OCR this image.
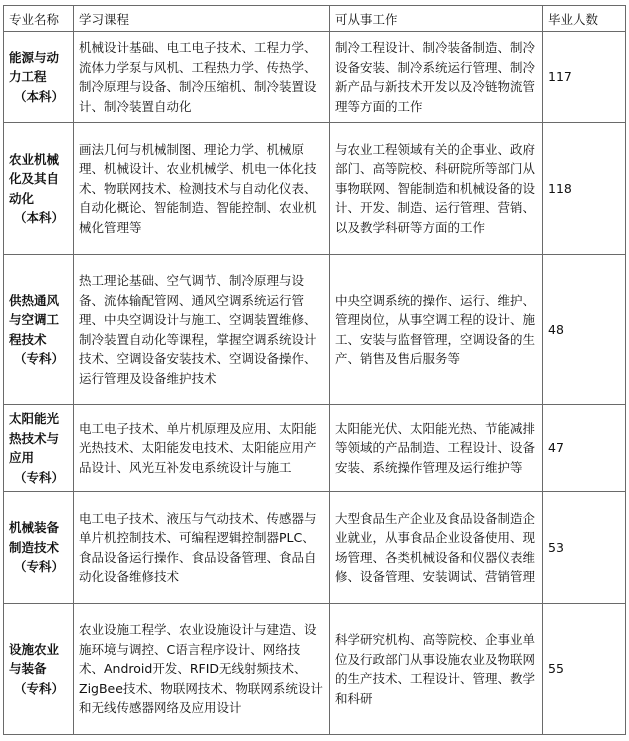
专业名称	学习课程	可从事工作	毕业人数

能源与动力工程
（本科）	机械设计基础、电工电子技术、工程力学、流体力学泵与风机、工程热力学、传热学、制冷原理与设备、制冷压缩机、制冷装置设计、制冷装置自动化	制冷工程设计、制冷装备制造、制冷设备安装、制冷系统运行管理、制冷新产品与新技术开发以及冷链物流管理等方面的工作	117

农业机械化及其自动化
（本科）	画法几何与机械制图、理论力学、机械原理、机械设计、农业机械学、机电一体化技术、物联网技术、检测技术与自动化仪表、自动化概论、智能制造、智能控制、农业机械化管理等	与农业工程领域有关的企事业、政府部门、高等院校、科研院所等部门从事物联网、智能制造和机械设备的设计、开发、制造、运行管理、营销、以及教学科研等方面的工作	118

供热通风与空调工程技术
（专科）	热工理论基础、空气调节、制冷原理与设备、流体输配管网、通风空调系统运行管理、中央空调设计与施工、空调装置维修、制冷装置自动化等课程，掌握空调系统设计技术、空调设备安装技术、空调设备操作、运行管理及设备维护技术	中央空调系统的操作、运行、维护、管理岗位，从事空调工程的设计、施工、安装与监督管理，空调设备的生产、销售及售后服务等	48

太阳能光热技术与应用
（专科）	电工电子技术、单片机原理及应用、太阳能光热技术、太阳能发电技术、太阳能应用产品设计、风光互补发电系统设计与施工	太阳能光伏、太阳能光热、节能减排等领域的产品制造、工程设计、设备安装、系统操作管理及运行维护等	47

机械装备制造技术
（专科）	电工电子技术、液压与气动技术、传感器与单片机控制技术、可编程逻辑控制器PLC、食品设备运行操作、食品设备管理、食品自动化设备维修技术	大型食品生产企业及食品设备制造企业就业，从事食品企业设备使用、现场管理、各类机械设备和仪器仪表维修、设备管理、安装调试、营销管理	53

设施农业与装备
（专科）	农业设施工程学、农业设施设计与建造、设施环境与调控、C语言程序设计、网络技术、Android开发、RFID无线射频技术、ZigBee技术、物联网技术、物联网系统设计和无线传感器网络及应用设计	科学研究机构、高等院校、企事业单位及行政部门从事设施农业及物联网的生产技术、工程设计、管理、教学和科研	55
